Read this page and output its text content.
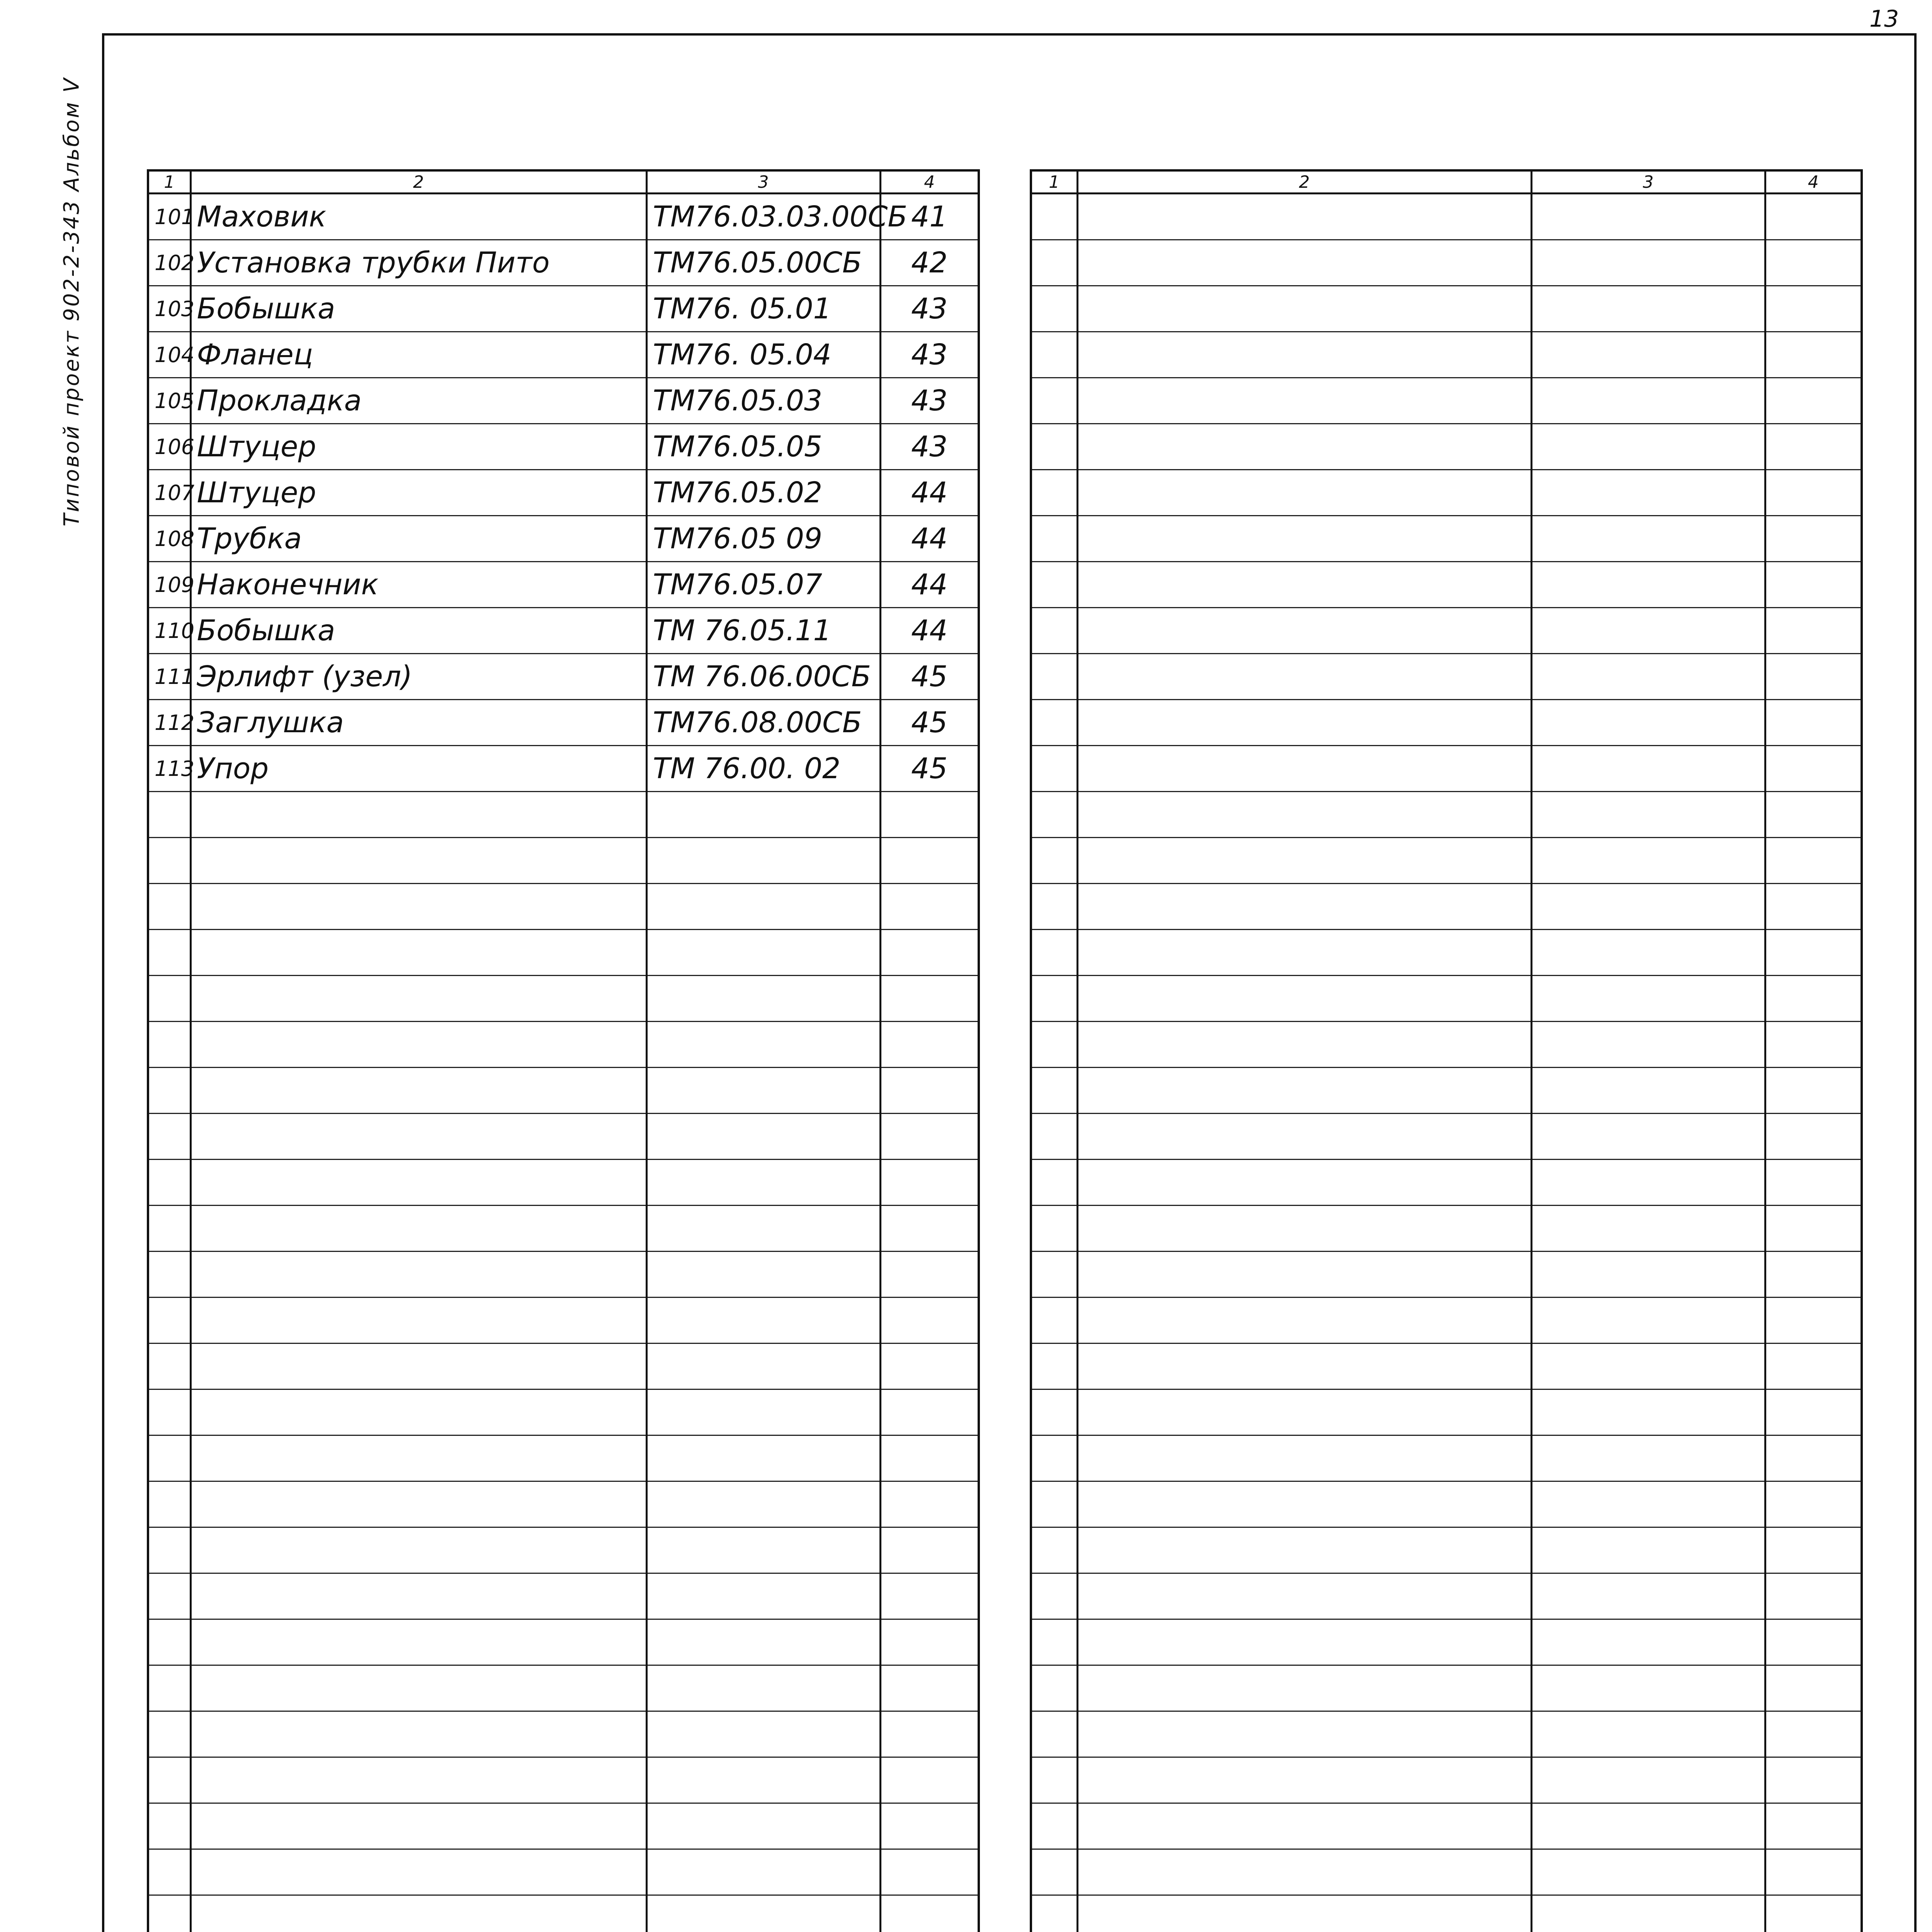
13
Типовой проект 902-2-343 Альбом V	1	2	3	4
101	Маховик	ТМ76.03.03.00СБ	41
102	Установка трубки Пито	ТМ76.05.00СБ	42
103	Бобышка	ТМ76. 05.01	43
104	Фланец	ТМ76. 05.04	43
105	Прокладка	ТМ76.05.03	43
106	Штуцер	ТМ76.05.05	43
107	Штуцер	ТМ76.05.02	44
108	Трубка	ТМ76.05 09	44
109	Наконечник	ТМ76.05.07	44
110	Бобышка	ТМ 76.05.11	44
111	Эрлифт (узел)	ТМ 76.06.00СБ	45
112	Заглушка	ТМ76.08.00СБ	45
113	Упор	ТМ 76.00. 02	45

1	2	3	4
